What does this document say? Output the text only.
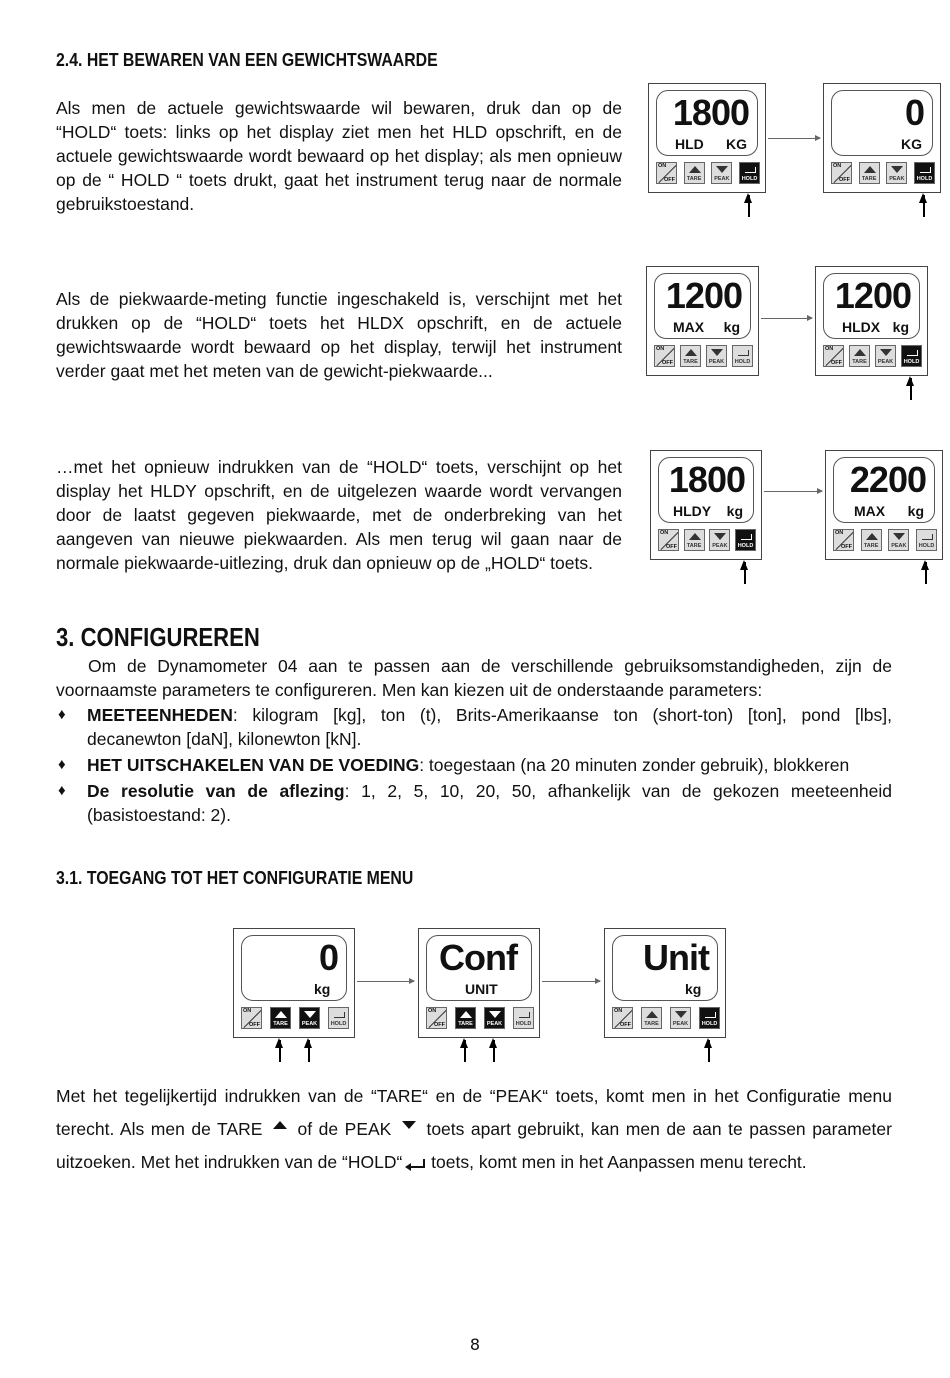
2.4. HET BEWAREN VAN EEN GEWICHTSWAARDE
Als men de actuele gewichtswaarde wil bewaren, druk dan op de “HOLD“ toets: links op het display ziet men het HLD opschrift, en de actuele gewichtswaarde wordt bewaard op het display; als men opnieuw op de “ HOLD “ toets drukt, gaat het instrument terug naar de normale gebruikstoestand.
Als de piekwaarde-meting functie ingeschakeld is, verschijnt met het drukken op de “HOLD“ toets het HLDX opschrift, en de actuele gewichtswaarde wordt bewaard op het display, terwijl het instrument verder gaat met het meten van de gewicht-piekwaarde...
…met het opnieuw indrukken van de “HOLD“ toets, verschijnt op het display het HLDY opschrift, en de uitgelezen waarde wordt vervangen door de laatst gegeven piekwaarde, met de onderbreking van het aangeven van nieuwe piekwaarden. Als men terug wil gaan naar de normale piekwaarde-uitlezing, druk dan opnieuw op de „HOLD“ toets.
1800
HLD KG
ON
OFF	TARE	PEAK	HOLD
0
KG
ON
OFF	TARE	PEAK	HOLD
1200
MAX kg
ON
OFF	TARE	PEAK	HOLD
1200
HLDX kg
ON
OFF	TARE	PEAK	HOLD
1800
HLDY kg
ON
OFF	TARE	PEAK	HOLD
2200
MAX kg
ON
OFF	TARE	PEAK	HOLD
0
kg
ON
OFF	TARE	PEAK	HOLD
Conf
UNIT
ON
OFF	TARE	PEAK	HOLD
Unit
kg
ON
OFF	TARE	PEAK	HOLD
3. CONFIGUREREN
Om de Dynamometer 04 aan te passen aan de verschillende gebruiksomstandigheden, zijn de voornaamste parameters te configureren. Men kan kiezen uit de onderstaande parameters:
♦ MEETEENHEDEN: kilogram [kg], ton (t), Brits-Amerikaanse ton (short-ton) [ton], pond [lbs], decanewton [daN], kilonewton [kN].
♦ HET UITSCHAKELEN VAN DE VOEDING: toegestaan (na 20 minuten zonder gebruik), blokkeren
♦ De resolutie van de aflezing: 1, 2, 5, 10, 20, 50, afhankelijk van de gekozen meeteenheid (basistoestand: 2).
3.1. TOEGANG TOT HET CONFIGURATIE MENU
Met het tegelijkertijd indrukken van de “TARE“ en de “PEAK“ toets, komt men in het Configuratie menu terecht. Als men de TARE of de PEAK toets apart gebruikt, kan men de aan te passen parameter uitzoeken. Met het indrukken van de “HOLD“ toets, komt men in het Aanpassen menu terecht.
8
